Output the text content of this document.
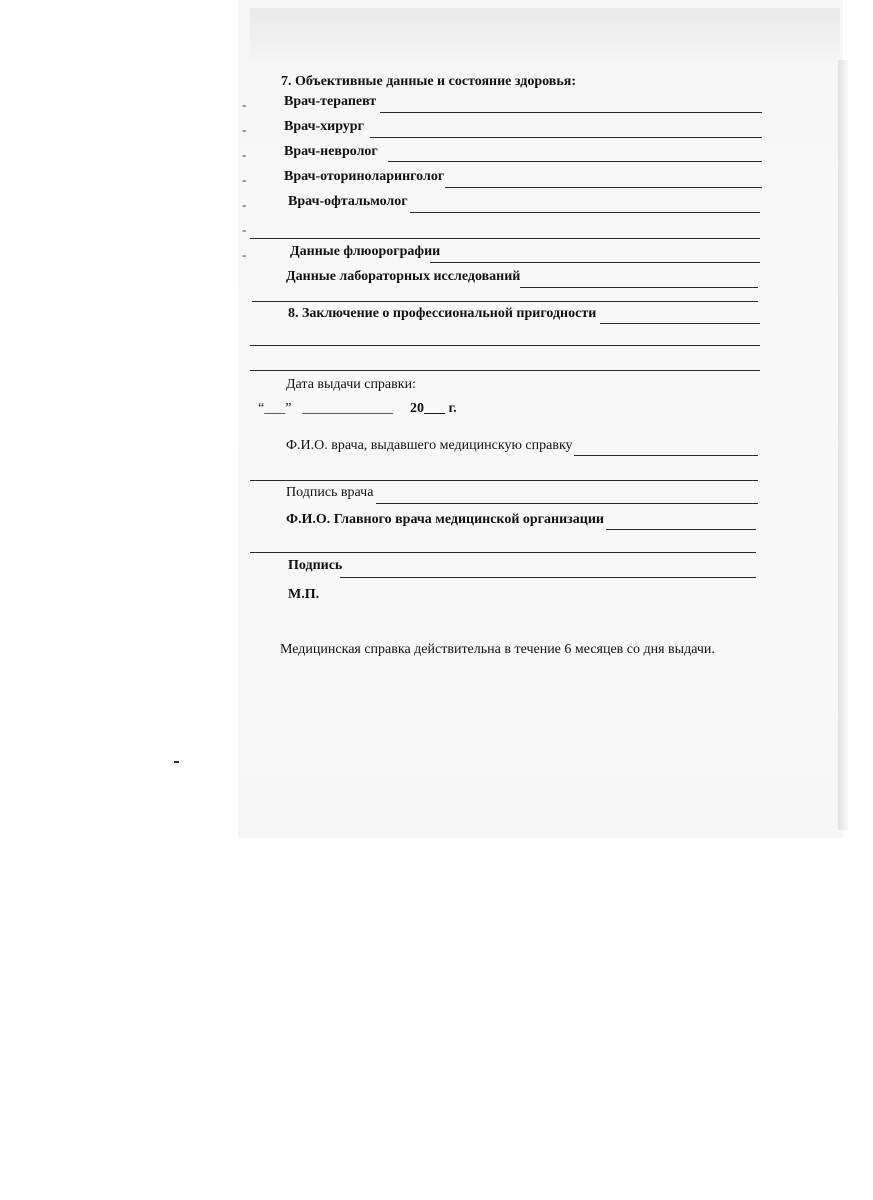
7. Объективные данные и состояние здоровья:
-	Врач-терапевт
-	Врач-хирург
-	Врач-невролог
-	Врач-оториноларинголог
-	Врач-офтальмолог
-
-	Данные флюорографии
Данные лабораторных исследований
8. Заключение о профессиональной пригодности
Дата выдачи справки:
“___” _____________ 20___ г.
Ф.И.О. врача, выдавшего медицинскую справку
Подпись врача
Ф.И.О. Главного врача медицинской организации
Подпись
М.П.
Медицинская справка действительна в течение 6 месяцев со дня выдачи.
